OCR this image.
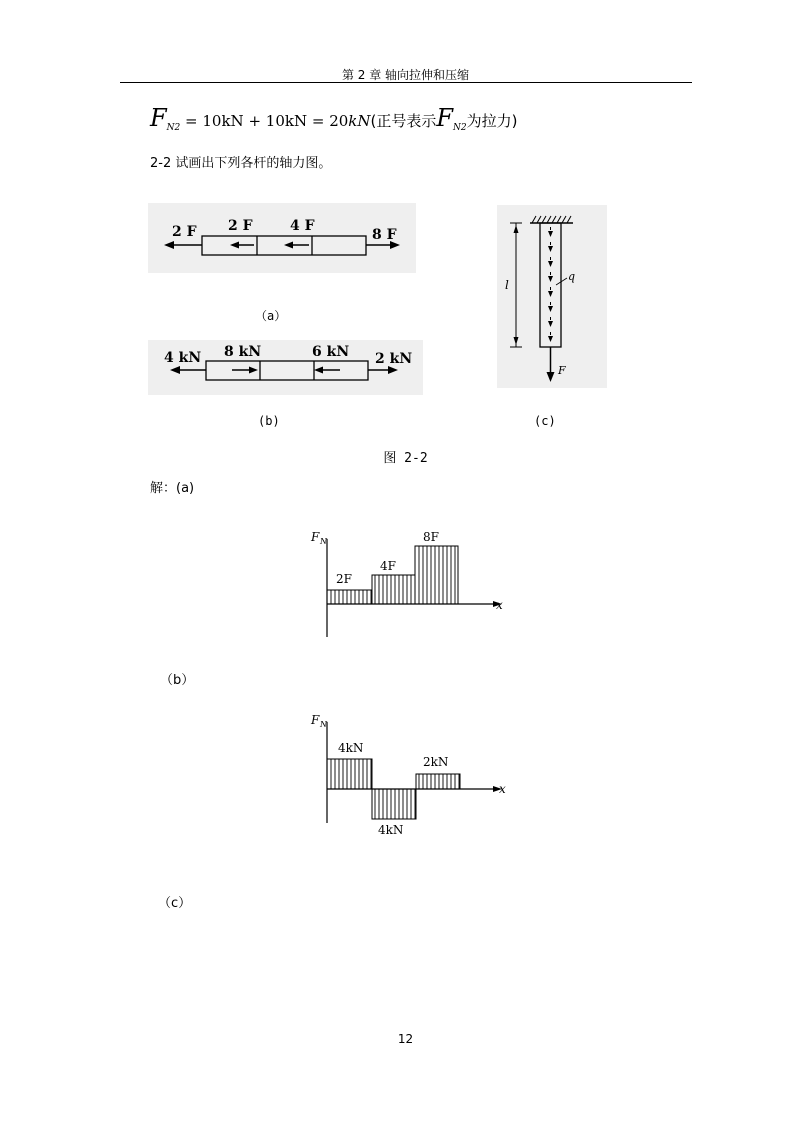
第 2 章 轴向拉伸和压缩
$F_{N2} = 10kN + 10kN = 20kN$(正号表示$F_{N2}$为拉力)
2-2 试画出下列各杆的轴力图。
2 F 2 F	4 F
8 F
（a）
4 kN 8 kN	6 kN 2 kN
(b)
l
q
F
(c)
图 2-2
解：(a)
F N
x
2F
4F
8F
（b）
F N
x
4kN
4kN
2kN
（c）
12
